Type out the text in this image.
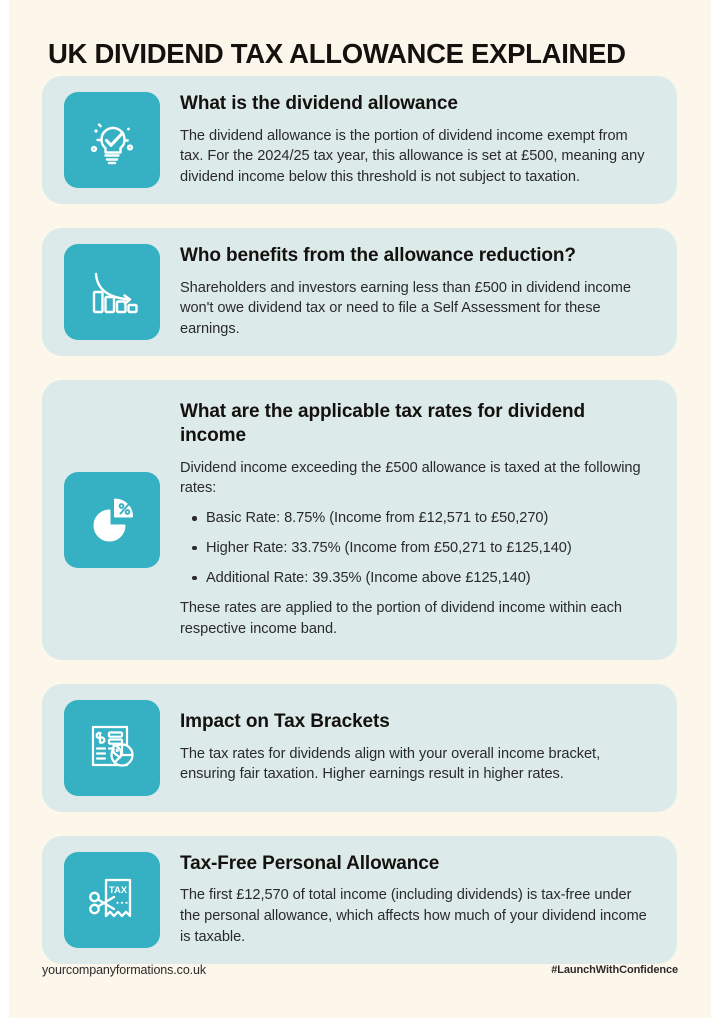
UK DIVIDEND TAX ALLOWANCE EXPLAINED
What is the dividend allowance

The dividend allowance is the portion of dividend income exempt from tax. For the 2024/25 tax year, this allowance is set at £500, meaning any dividend income below this threshold is not subject to taxation.

Who benefits from the allowance reduction?

Shareholders and investors earning less than £500 in dividend income won't owe dividend tax or need to file a Self Assessment for these earnings.

What are the applicable tax rates for dividend income

Dividend income exceeding the £500 allowance is taxed at the following rates:

Basic Rate: 8.75% (Income from £12,571 to £50,270)
Higher Rate: 33.75% (Income from £50,271 to £125,140)
Additional Rate: 39.35% (Income above £125,140)

These rates are applied to the portion of dividend income within each respective income band.

Impact on Tax Brackets

The tax rates for dividends align with your overall income bracket, ensuring fair taxation. Higher earnings result in higher rates.

TAX
Tax-Free Personal Allowance

The first £12,570 of total income (including dividends) is tax-free under the personal allowance, which affects how much of your dividend income is taxable.

yourcompanyformations.co.uk	#LaunchWithConfidence
